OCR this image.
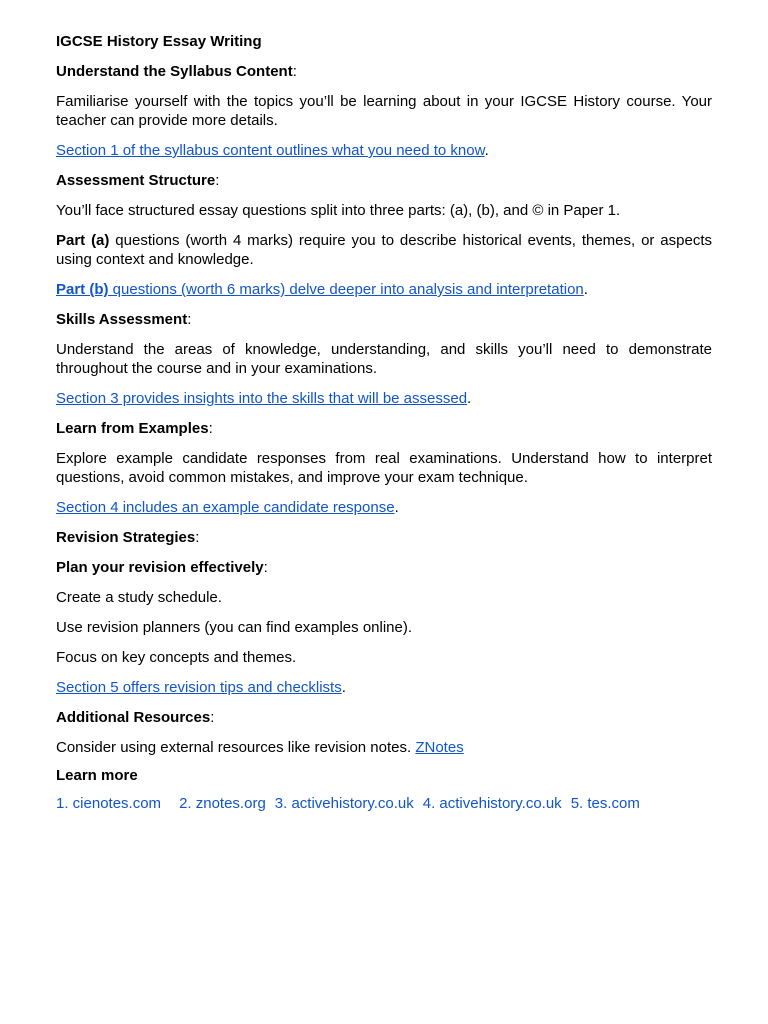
IGCSE History Essay Writing

Understand the Syllabus Content:

Familiarise yourself with the topics you’ll be learning about in your IGCSE History course. Your teacher can provide more details.

Section 1 of the syllabus content outlines what you need to know.

Assessment Structure:

You’ll face structured essay questions split into three parts: (a), (b), and © in Paper 1.

Part (a) questions (worth 4 marks) require you to describe historical events, themes, or aspects using context and knowledge.

Part (b) questions (worth 6 marks) delve deeper into analysis and interpretation.

Skills Assessment:

Understand the areas of knowledge, understanding, and skills you’ll need to demonstrate throughout the course and in your examinations.

Section 3 provides insights into the skills that will be assessed.

Learn from Examples:

Explore example candidate responses from real examinations. Understand how to interpret questions, avoid common mistakes, and improve your exam technique.

Section 4 includes an example candidate response.

Revision Strategies:

Plan your revision effectively:

Create a study schedule.

Use revision planners (you can find examples online).

Focus on key concepts and themes.

Section 5 offers revision tips and checklists.

Additional Resources:

Consider using external resources like revision notes. ZNotes

Learn more

1. cienotes.com 2. znotes.org 3. activehistory.co.uk 4. activehistory.co.uk 5. tes.com
